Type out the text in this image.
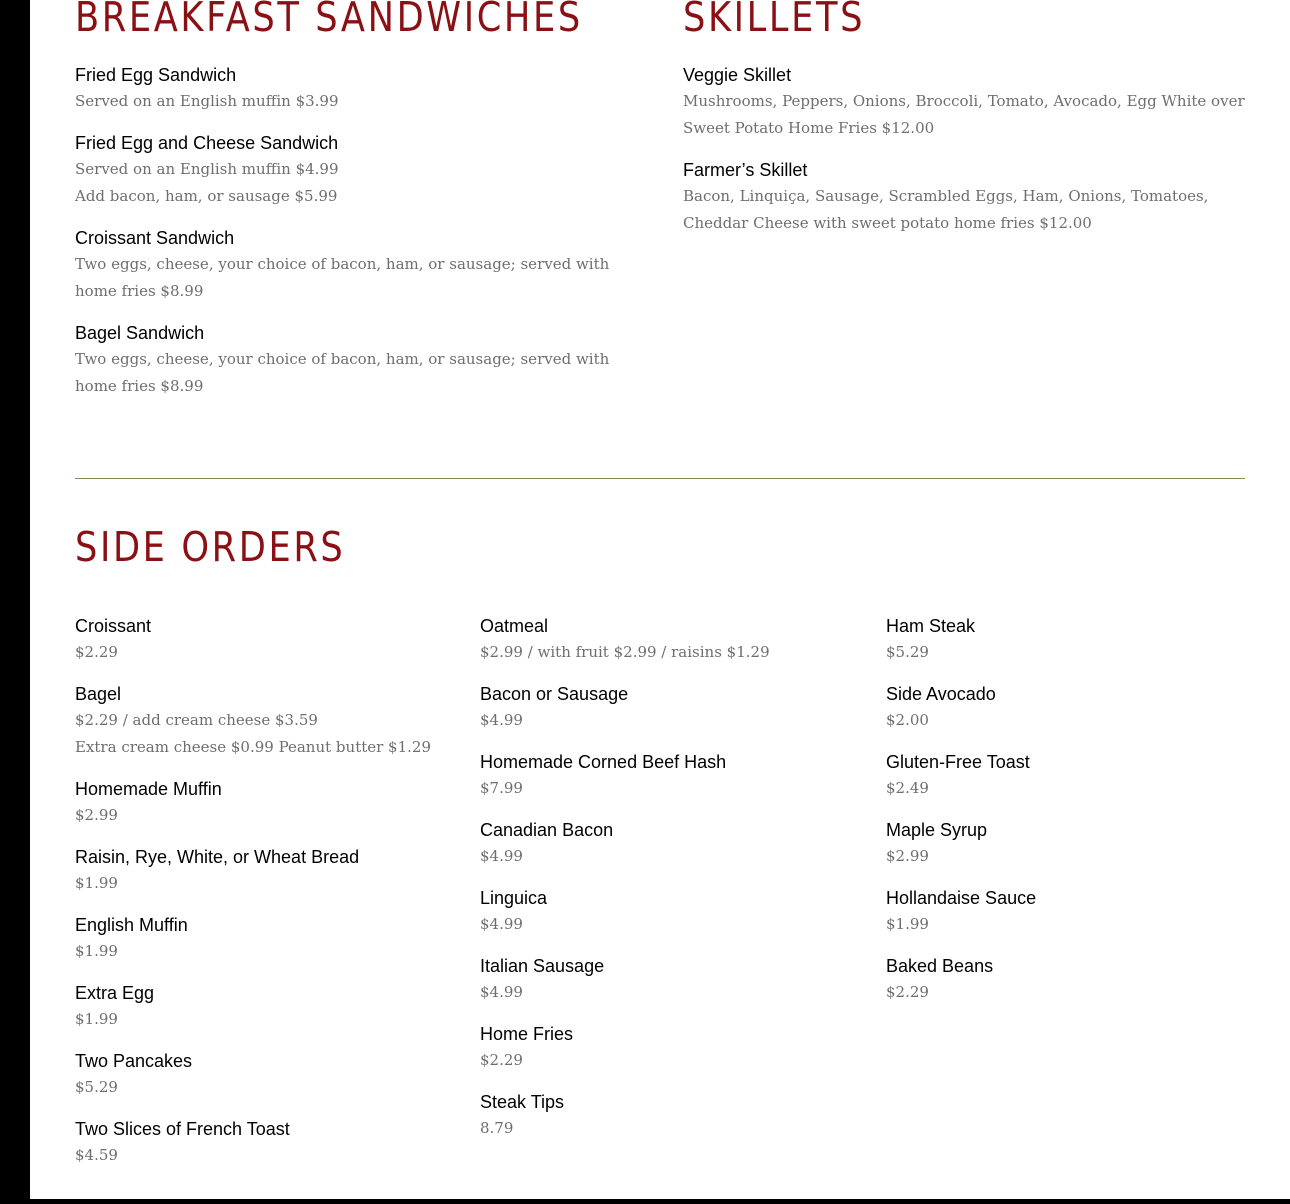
BREAKFAST SANDWICHES SKILLETS

Fried Egg Sandwich

Served on an English muffin $3.99

Fried Egg and Cheese Sandwich

Served on an English muffin $4.99

Add bacon, ham, or sausage $5.99

Croissant Sandwich

Two eggs, cheese, your choice of bacon, ham, or sausage; served with home fries $8.99

Bagel Sandwich

Two eggs, cheese, your choice of bacon, ham, or sausage; served with home fries $8.99

Veggie Skillet

Mushrooms, Peppers, Onions, Broccoli, Tomato, Avocado, Egg White over Sweet Potato Home Fries $12.00

Farmer’s Skillet

Bacon, Linquiça, Sausage, Scrambled Eggs, Ham, Onions, Tomatoes, Cheddar Cheese with sweet potato home fries $12.00

SIDE ORDERS

Croissant

$2.29

Bagel

$2.29 / add cream cheese $3.59

Extra cream cheese $0.99 Peanut butter $1.29

Homemade Muffin

$2.99

Raisin, Rye, White, or Wheat Bread

$1.99

English Muffin

$1.99

Extra Egg

$1.99

Two Pancakes

$5.29

Two Slices of French Toast

$4.59

Oatmeal

$2.99 / with fruit $2.99 / raisins $1.29

Bacon or Sausage

$4.99

Homemade Corned Beef Hash

$7.99

Canadian Bacon

$4.99

Linguica

$4.99

Italian Sausage

$4.99

Home Fries

$2.29

Steak Tips

8.79

Ham Steak

$5.29

Side Avocado

$2.00

Gluten-Free Toast

$2.49

Maple Syrup

$2.99

Hollandaise Sauce

$1.99

Baked Beans

$2.29
